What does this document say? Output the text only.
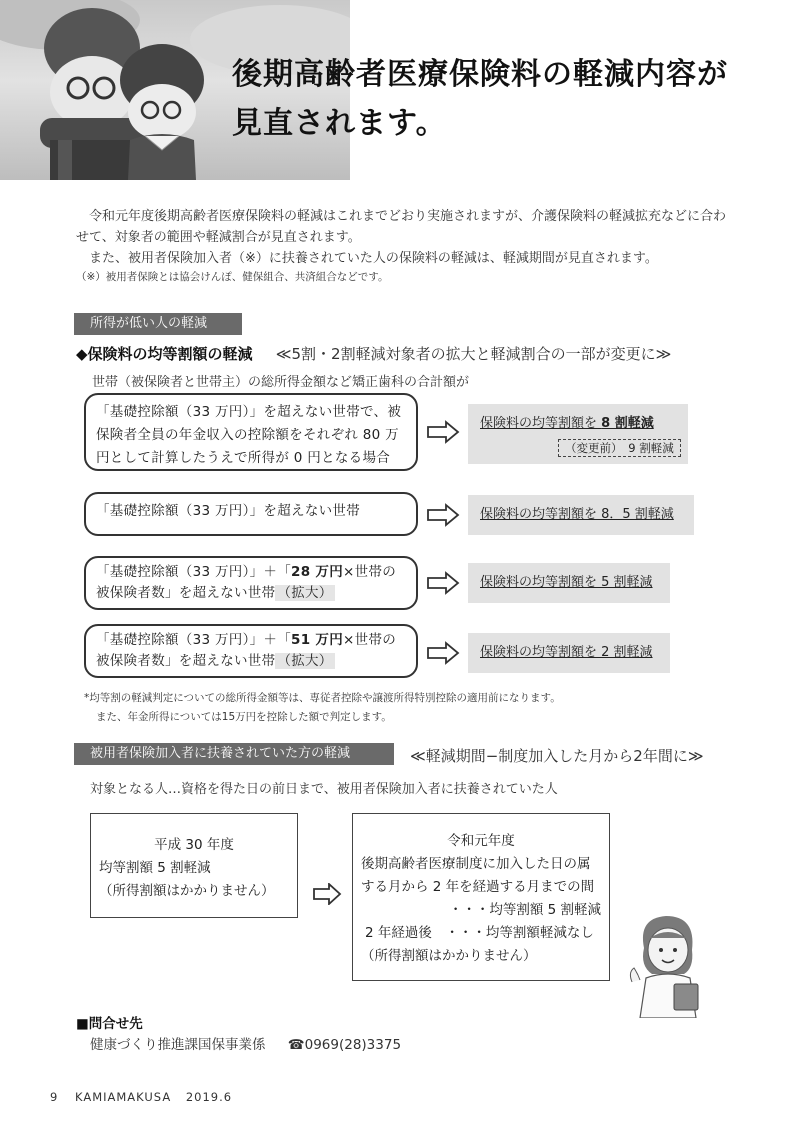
後期高齢者医療保険料の軽減内容が
見直されます。

令和元年度後期高齢者医療保険料の軽減はこれまでどおり実施されますが、介護保険料の軽減拡充などに合わせて、対象者の範囲や軽減割合が見直されます。

また、被用者保険加入者（※）に扶養されていた人の保険料の軽減は、軽減期間が見直されます。

（※）被用者保険とは協会けんぽ、健保組合、共済組合などです。

所得が低い人の軽減
◆保険料の均等割額の軽減 ≪5割・2割軽減対象者の拡大と軽減割合の一部が変更に≫
世帯（被保険者と世帯主）の総所得金額など矯正歯科の合計額が
「基礎控除額（33 万円）」を超えない世帯で、被保険者全員の年金収入の控除額をそれぞれ 80 万円として計算したうえで所得が 0 円となる場合
保険料の均等割額を 8 割軽減
（変更前）　9 割軽減
「基礎控除額（33 万円）」を超えない世帯	保険料の均等割額を 8．5 割軽減
「基礎控除額（33 万円）」＋「28 万円×世帯の
被保険者数」を超えない世帯 （拡大）
保険料の均等割額を 5 割軽減
「基礎控除額（33 万円）」＋「51 万円×世帯の
被保険者数」を超えない世帯 （拡大）
保険料の均等割額を 2 割軽減
*均等割の軽減判定についての総所得金額等は、専従者控除や譲渡所得特別控除の適用前になります。
また、年金所得については15万円を控除した額で判定します。
被用者保険加入者に扶養されていた方の軽減	≪軽減期間−制度加入した月から2年間に≫
対象となる人…資格を得た日の前日まで、被用者保険加入者に扶養されていた人
平成 30 年度
均等割額 5 割軽減
（所得割額はかかりません）
令和元年度
後期高齢者医療制度に加入した日の属
する月から 2 年を経過する月までの間
・・・均等割額 5 割軽減
2 年経過後　・・・均等割額軽減なし
（所得割額はかかりません）
■問合せ先
健康づくり推進課国保事業係 ☎0969(28)3375
9 KAMIAMAKUSA 2019.6
